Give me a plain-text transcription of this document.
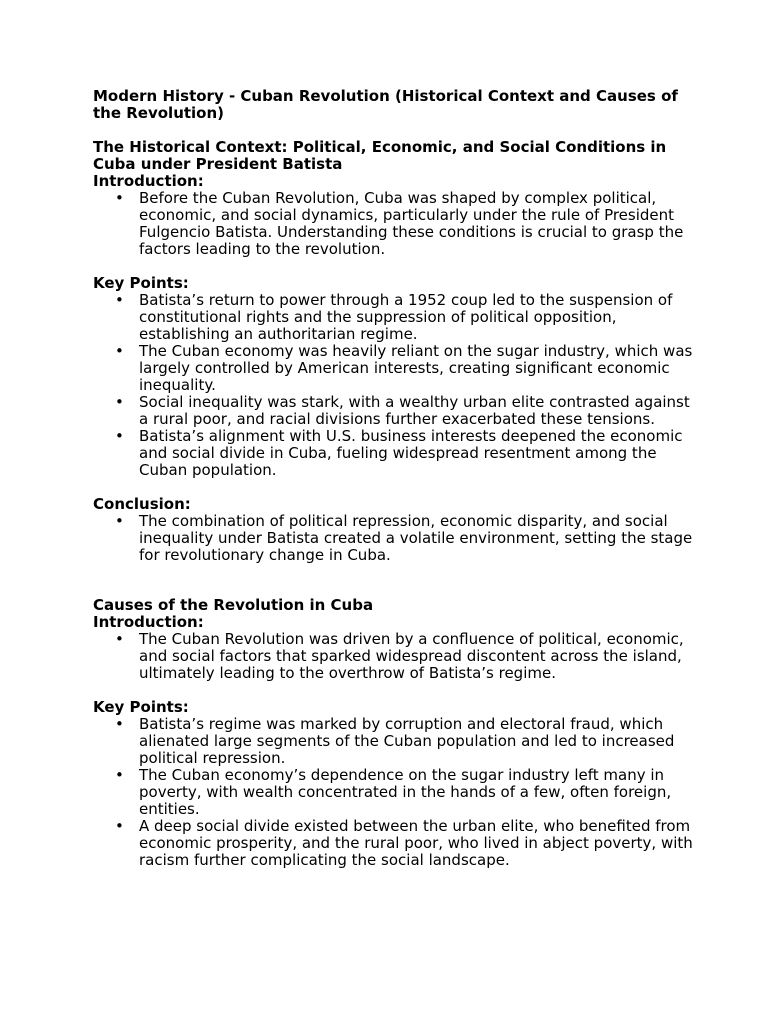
Modern History - Cuban Revolution (Historical Context and Causes of the Revolution)

The Historical Context: Political, Economic, and Social Conditions in Cuba under President Batista

Introduction:

• Before the Cuban Revolution, Cuba was shaped by complex political, economic, and social dynamics, particularly under the rule of President Fulgencio Batista. Understanding these conditions is crucial to grasp the factors leading to the revolution.

Key Points:

• Batista’s return to power through a 1952 coup led to the suspension of constitutional rights and the suppression of political opposition, establishing an authoritarian regime.
• The Cuban economy was heavily reliant on the sugar industry, which was largely controlled by American interests, creating significant economic inequality.
• Social inequality was stark, with a wealthy urban elite contrasted against a rural poor, and racial divisions further exacerbated these tensions.
• Batista’s alignment with U.S. business interests deepened the economic and social divide in Cuba, fueling widespread resentment among the Cuban population.

Conclusion:

• The combination of political repression, economic disparity, and social inequality under Batista created a volatile environment, setting the stage for revolutionary change in Cuba.

Causes of the Revolution in Cuba

Introduction:

• The Cuban Revolution was driven by a confluence of political, economic, and social factors that sparked widespread discontent across the island, ultimately leading to the overthrow of Batista’s regime.

Key Points:

• Batista’s regime was marked by corruption and electoral fraud, which alienated large segments of the Cuban population and led to increased political repression.
• The Cuban economy’s dependence on the sugar industry left many in poverty, with wealth concentrated in the hands of a few, often foreign, entities.
• A deep social divide existed between the urban elite, who benefited from economic prosperity, and the rural poor, who lived in abject poverty, with racism further complicating the social landscape.
